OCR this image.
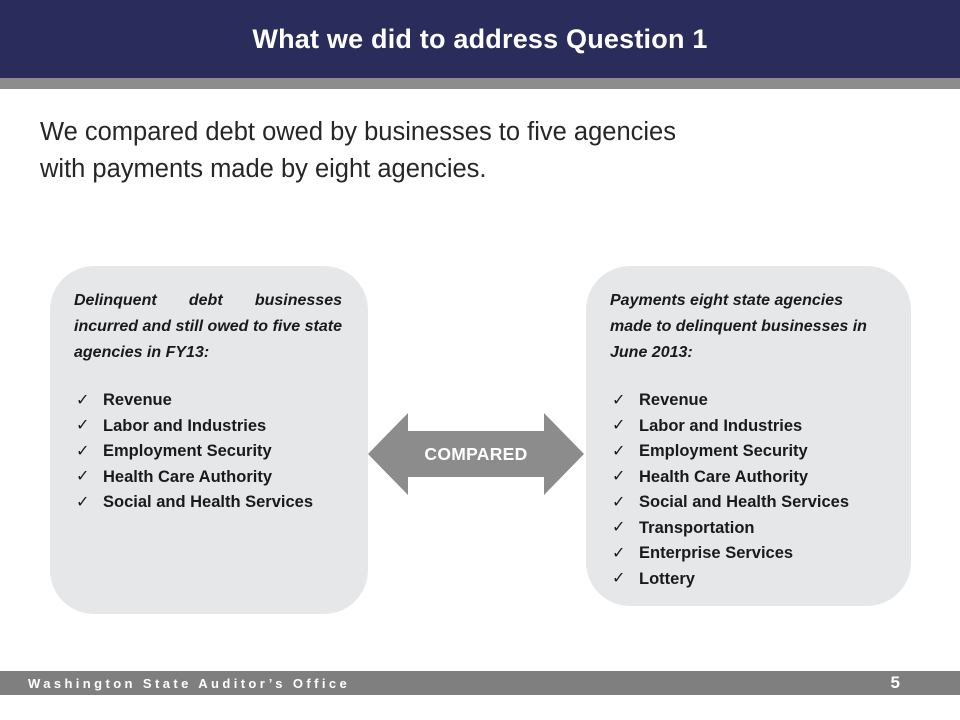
What we did to address Question 1

We compared debt owed by businesses to five agencies
with payments made by eight agencies.

Delinquent debt businesses incurred and still owed to five state agencies in FY13:

✓ Revenue
✓ Labor and Industries
✓ Employment Security
✓ Health Care Authority
✓ Social and Health Services
COMPARED

Payments eight state agencies made to delinquent businesses in June 2013:

✓ Revenue
✓ Labor and Industries
✓ Employment Security
✓ Health Care Authority
✓ Social and Health Services
✓ Transportation
✓ Enterprise Services
✓ Lottery
Washington State Auditor’s Office	5
